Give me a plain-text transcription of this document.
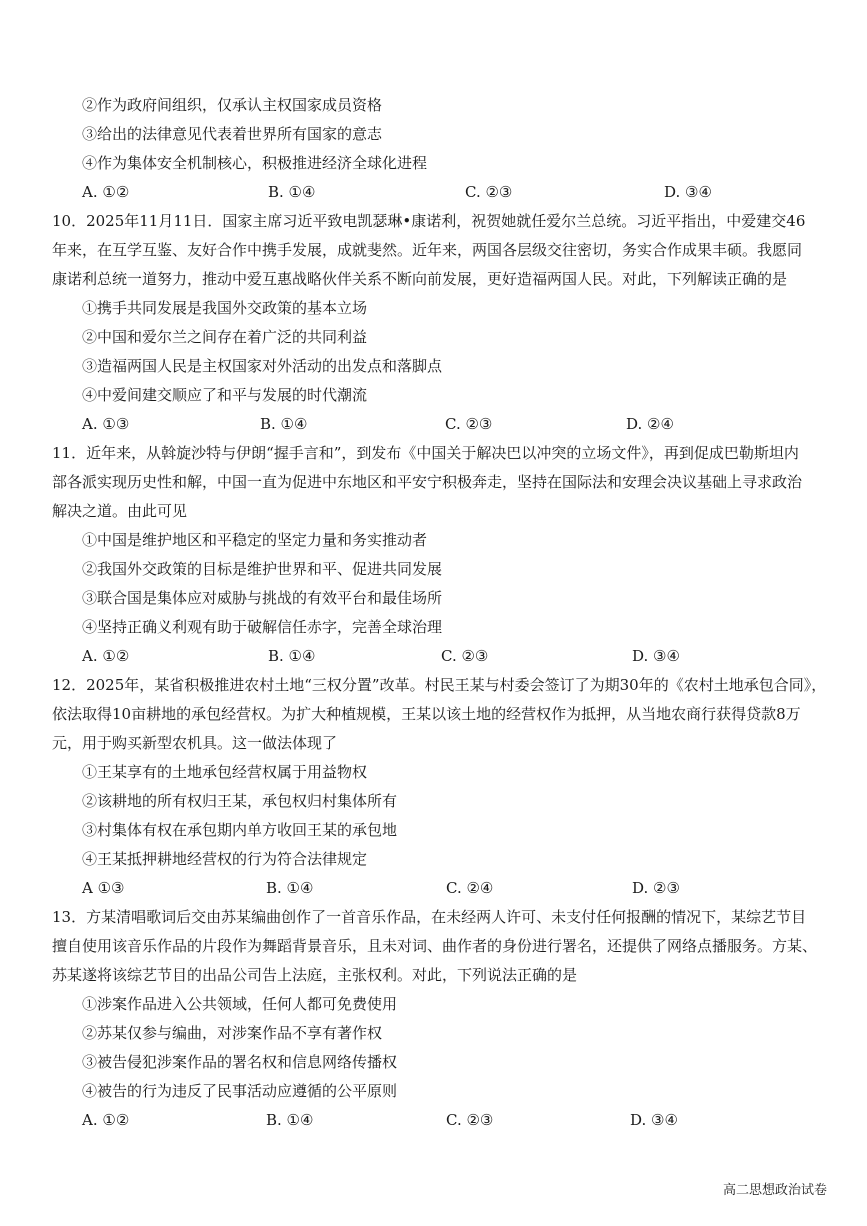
②作为政府间组织，仅承认主权国家成员资格
③给出的法律意见代表着世界所有国家的意志
④作为集体安全机制核心，积极推进经济全球化进程
A. ①②	B. ①④	C. ②③	D. ③④
10．2025年11月11日．国家主席习近平致电凯瑟琳•康诺利，祝贺她就任爱尔兰总统。习近平指出，中爱建交46
年来，在互学互鉴、友好合作中携手发展，成就斐然。近年来，两国各层级交往密切，务实合作成果丰硕。我愿同
康诺利总统一道努力，推动中爱互惠战略伙伴关系不断向前发展，更好造福两国人民。对此，下列解读正确的是
①携手共同发展是我国外交政策的基本立场
②中国和爱尔兰之间存在着广泛的共同利益
③造福两国人民是主权国家对外活动的出发点和落脚点
④中爱间建交顺应了和平与发展的时代潮流
A. ①③	B. ①④	C. ②③	D. ②④
11．近年来，从斡旋沙特与伊朗“握手言和”，到发布《中国关于解决巴以冲突的立场文件》，再到促成巴勒斯坦内
部各派实现历史性和解，中国一直为促进中东地区和平安宁积极奔走，坚持在国际法和安理会决议基础上寻求政治
解决之道。由此可见
①中国是维护地区和平稳定的坚定力量和务实推动者
②我国外交政策的目标是维护世界和平、促进共同发展
③联合国是集体应对威胁与挑战的有效平台和最佳场所
④坚持正确义利观有助于破解信任赤字，完善全球治理
A. ①②	B. ①④	C. ②③	D. ③④
12．2025年，某省积极推进农村土地“三权分置”改革。村民王某与村委会签订了为期30年的《农村土地承包合同》，
依法取得10亩耕地的承包经营权。为扩大种植规模，王某以该土地的经营权作为抵押，从当地农商行获得贷款8万
元，用于购买新型农机具。这一做法体现了
①王某享有的土地承包经营权属于用益物权
②该耕地的所有权归王某，承包权归村集体所有
③村集体有权在承包期内单方收回王某的承包地
④王某抵押耕地经营权的行为符合法律规定
A ①③	B. ①④	C. ②④	D. ②③
13．方某清唱歌词后交由苏某编曲创作了一首音乐作品，在未经两人许可、未支付任何报酬的情况下，某综艺节目
擅自使用该音乐作品的片段作为舞蹈背景音乐，且未对词、曲作者的身份进行署名，还提供了网络点播服务。方某、
苏某遂将该综艺节目的出品公司告上法庭，主张权利。对此，下列说法正确的是
①涉案作品进入公共领域，任何人都可免费使用
②苏某仅参与编曲，对涉案作品不享有著作权
③被告侵犯涉案作品的署名权和信息网络传播权
④被告的行为违反了民事活动应遵循的公平原则
A. ①②	B. ①④	C. ②③	D. ③④
高二思想政治试卷
